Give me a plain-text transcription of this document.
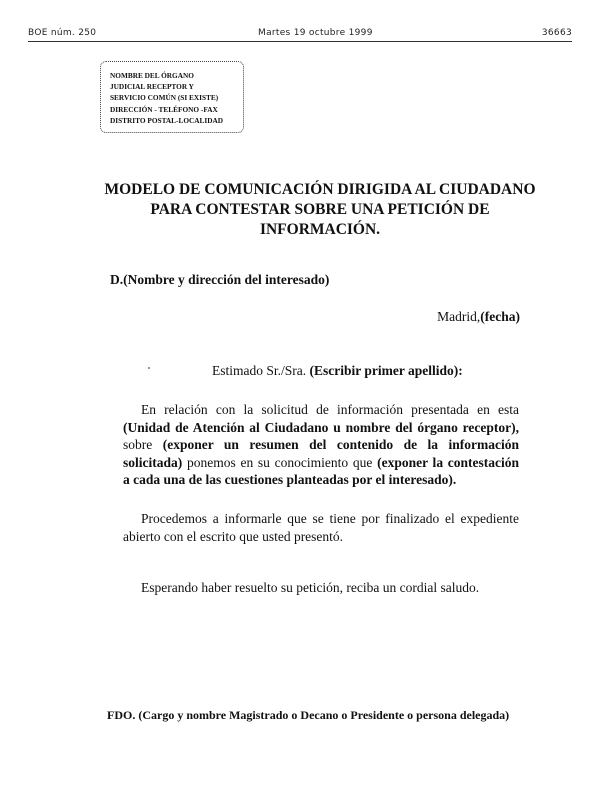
BOE núm. 250	Martes 19 octubre 1999	36663
NOMBRE DEL ÓRGANO
JUDICIAL RECEPTOR Y
SERVICIO COMÚN (SI EXISTE)
DIRECCIÓN - TELÉFONO -FAX
DISTRITO POSTAL-LOCALIDAD
MODELO DE COMUNICACIÓN DIRIGIDA AL CIUDADANO
PARA CONTESTAR SOBRE UNA PETICIÓN DE
INFORMACIÓN.
D.(Nombre y dirección del interesado)
Madrid,(fecha)
Estimado Sr./Sra. (Escribir primer apellido):
En relación con la solicitud de información presentada en esta
(Unidad de Atención al Ciudadano u nombre del órgano receptor),
sobre (exponer un resumen del contenido de la información
solicitada) ponemos en su conocimiento que (exponer la contestación
a cada una de las cuestiones planteadas por el interesado).
Procedemos a informarle que se tiene por finalizado el expediente
abierto con el escrito que usted presentó.
Esperando haber resuelto su petición, reciba un cordial saludo.
FDO. (Cargo y nombre Magistrado o Decano o Presidente o persona delegada)
